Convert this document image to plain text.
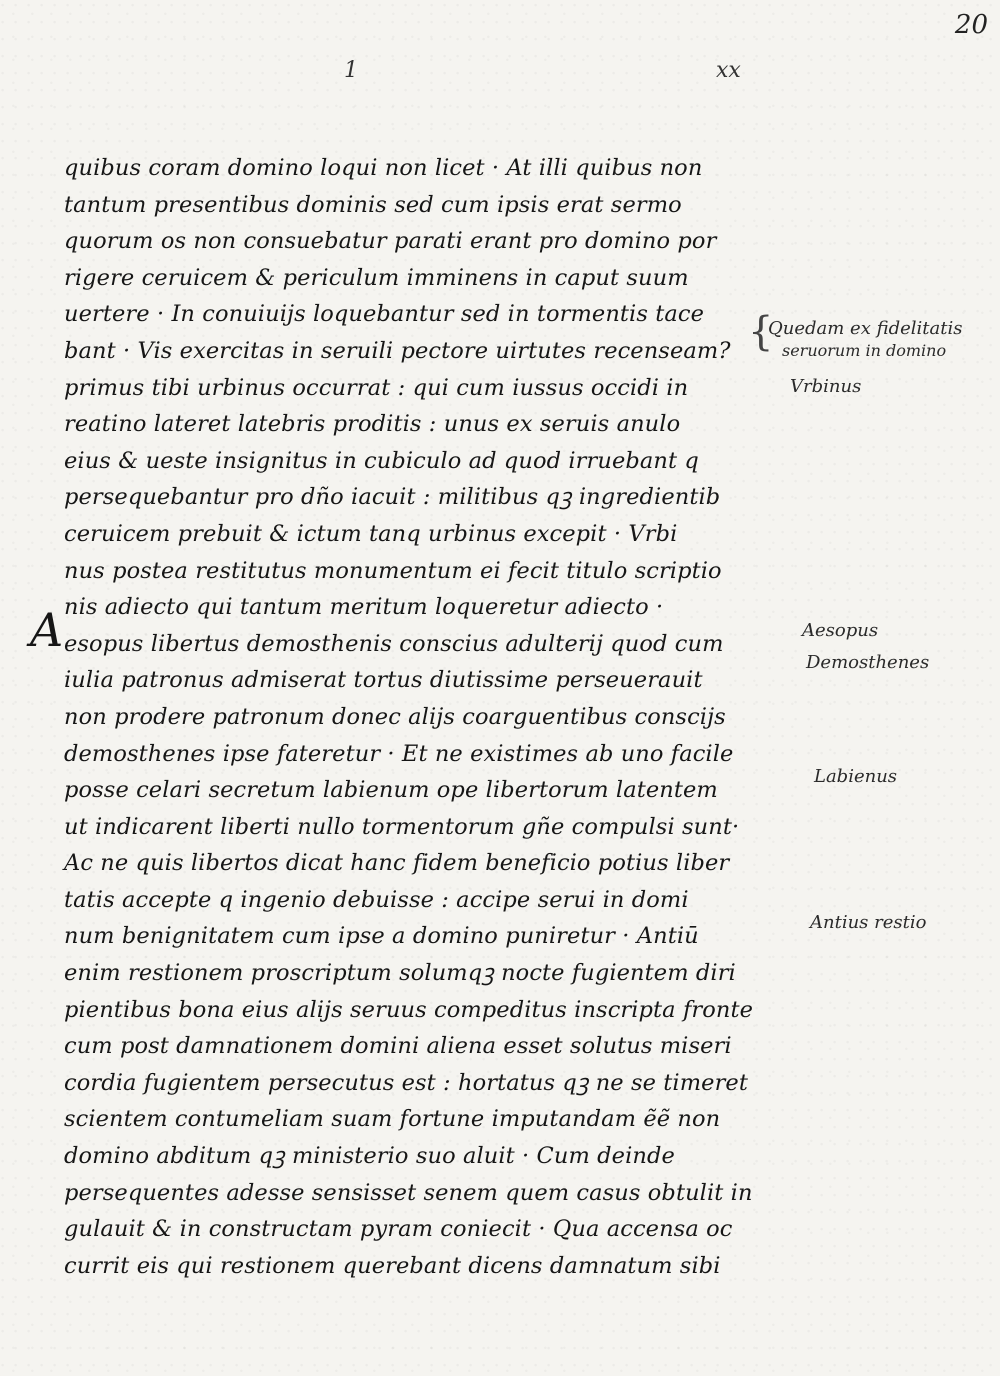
20
1	xx
A
quibus coram domino loqui non licet · At illi quibus non
tantum presentibus dominis sed cum ipsis erat sermo
quorum os non consuebatur parati erant pro domino por
rigere ceruicem & periculum imminens in caput suum
uertere · In conuiuijs loquebantur sed in tormentis tace
bant · Vis exercitas in seruili pectore uirtutes recenseam?
primus tibi urbinus occurrat : qui cum iussus occidi in
reatino lateret latebris proditis : unus ex seruis anulo
eius & ueste insignitus in cubiculo ad quod irruebant q
persequebantur pro dño iacuit : militibus qꝫ ingredientib
ceruicem prebuit & ictum tanq urbinus excepit · Vrbi
nus postea restitutus monumentum ei fecit titulo scriptio
nis adiecto qui tantum meritum loqueretur adiecto ·
esopus libertus demosthenis conscius adulterij quod cum
iulia patronus admiserat tortus diutissime perseuerauit
non prodere patronum donec alijs coarguentibus conscijs
demosthenes ipse fateretur · Et ne existimes ab uno facile
posse celari secretum labienum ope libertorum latentem
ut indicarent liberti nullo tormentorum gñe compulsi sunt·
Ac ne quis libertos dicat hanc fidem beneficio potius liber
tatis accepte q ingenio debuisse : accipe serui in domi
num benignitatem cum ipse a domino puniretur · Antiū
enim restionem proscriptum solumqꝫ nocte fugientem diri
pientibus bona eius alijs seruus compeditus inscripta fronte
cum post damnationem domini aliena esset solutus miseri
cordia fugientem persecutus est : hortatus qꝫ ne se timeret
scientem contumeliam suam fortune imputandam ẽẽ non
domino abditum qꝫ ministerio suo aluit · Cum deinde
persequentes adesse sensisset senem quem casus obtulit in
gulauit & in constructam pyram coniecit · Qua accensa oc
currit eis qui restionem querebant dicens damnatum sibi
{
Quedam ex fidelitatis
seruorum in domino
Vrbinus
Aesopus
Demosthenes
Labienus
Antius restio
